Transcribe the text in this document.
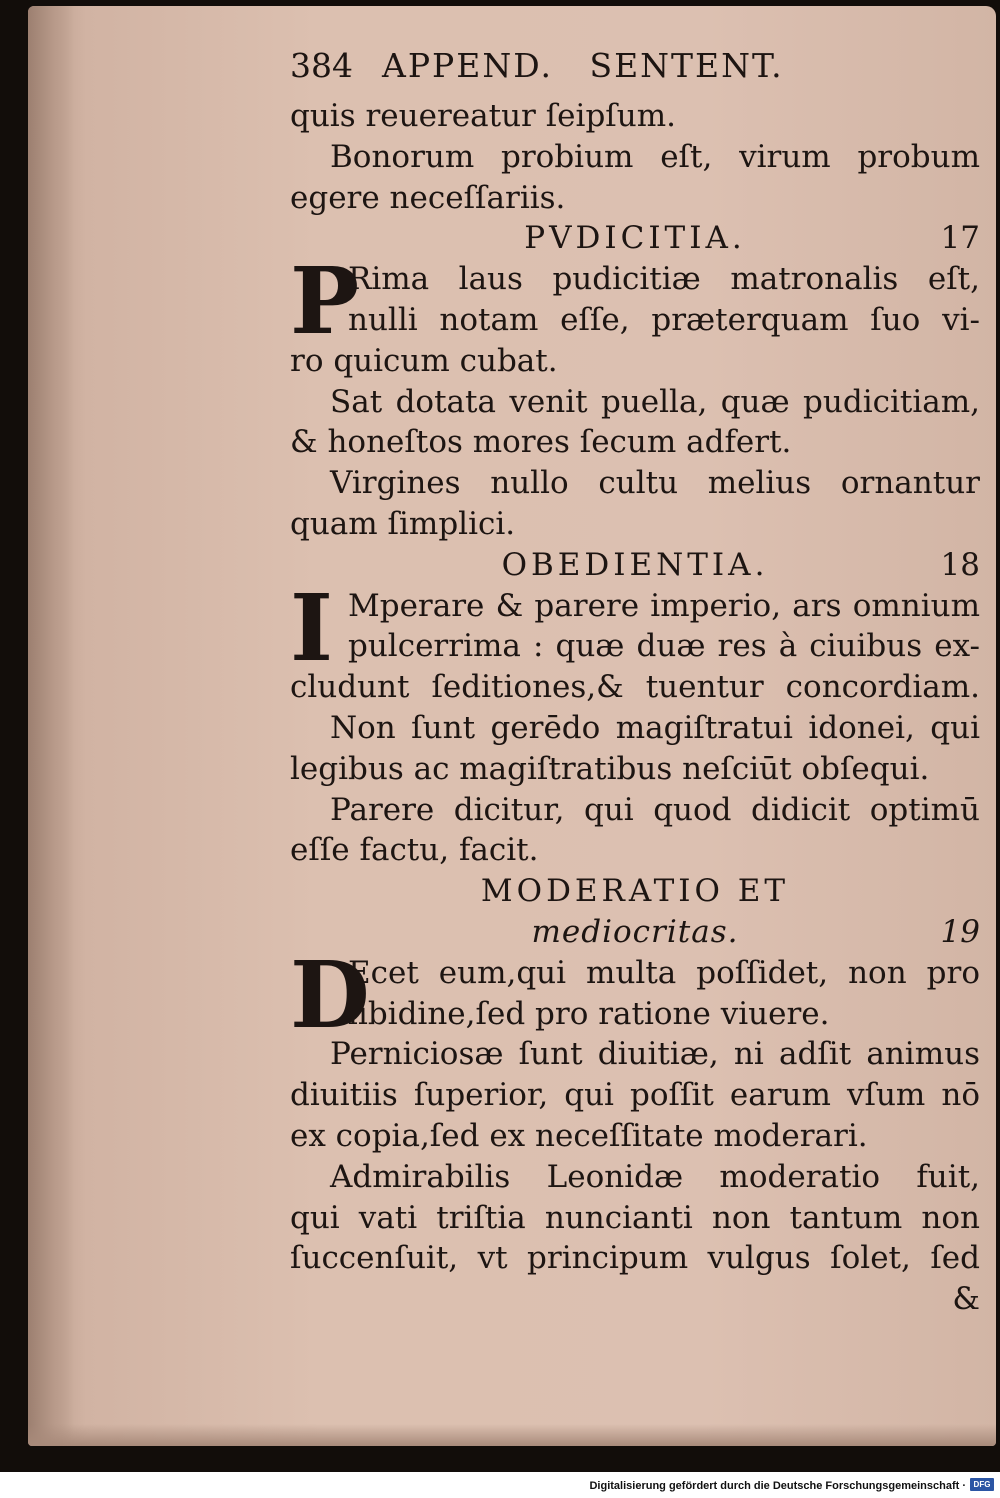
384 APPEND. SENTENT.
quis reuereatur ſeipſum.
Bonorum probium eſt, virum probum
egere neceſſariis.
PVDICITIA.	17
P
Rima laus pudicitiæ matronalis eſt,
nulli notam eſſe, præterquam ſuo vi-
ro quicum cubat.
Sat dotata venit puella, quæ pudicitiam,
& honeſtos mores ſecum adfert.
Virgines nullo cultu melius ornantur
quam ſimplici.
OBEDIENTIA.	18
I Mperare & parere imperio, ars omnium
pulcerrima : quæ duæ res à ciuibus ex-
cludunt ſeditiones,& tuentur concordiam.
Non ſunt gerēdo magiſtratui idonei, qui
legibus ac magiſtratibus neſciūt obſequi.
Parere dicitur, qui quod didicit optimū
eſſe factu, facit.
MODERATIO ET
mediocritas.	19
D
Ecet eum,qui multa poſſidet, non pro
libidine,ſed pro ratione viuere.
Perniciosæ ſunt diuitiæ, ni adſit animus
diuitiis ſuperior, qui poſſit earum vſum nō
ex copia,ſed ex neceſſitate moderari.
Admirabilis Leonidæ moderatio fuit,
qui vati triſtia nuncianti non tantum non
ſuccenſuit, vt principum vulgus ſolet, ſed
&
Digitalisierung gefördert durch die Deutsche Forschungsgemeinschaft · DFG
